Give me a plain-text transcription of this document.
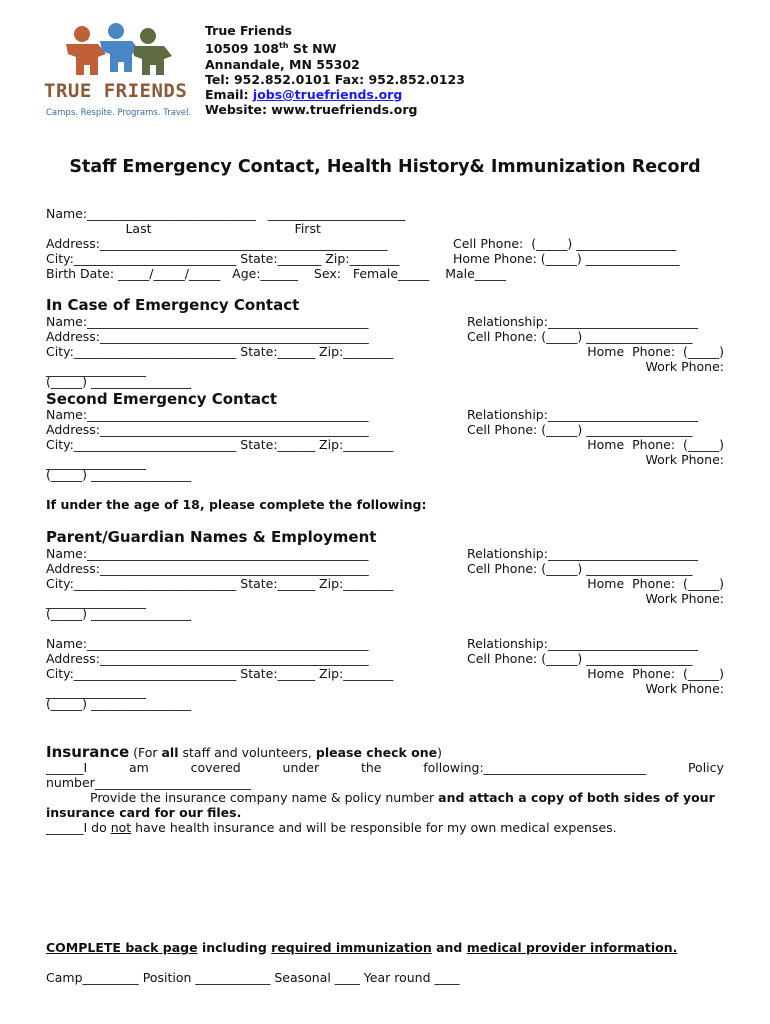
TRUE FRIENDS
Camps. Respite. Programs. Travel.
True Friends
10509 108th St NW
Annandale, MN 55302
Tel: 952.852.0101 Fax: 952.852.0123
Email: jobs@truefriends.org
Website: www.truefriends.org
Staff Emergency Contact, Health History& Immunization Record
Name:___________________________   ______________________
Last                                    First
Address:______________________________________________	Cell Phone:  (_____) ________________
City:__________________________ State:_______ Zip:________	Home Phone: (_____) _______________
Birth Date: _____/_____/_____   Age:______    Sex:   Female_____    Male_____
In Case of Emergency Contact
Name:_____________________________________________	Relationship:________________________
Address:___________________________________________	Cell Phone: (_____) _________________
City:__________________________ State:______ Zip:________	Home  Phone:  (_____)
Work Phone:
________________
(_____) ________________
Second Emergency Contact
Name:_____________________________________________	Relationship:________________________
Address:___________________________________________	Cell Phone: (_____) _________________
City:__________________________ State:______ Zip:________	Home  Phone:  (_____)
Work Phone:
________________
(_____) ________________
If under the age of 18, please complete the following:
Parent/Guardian Names & Employment
Name:_____________________________________________	Relationship:________________________
Address:___________________________________________	Cell Phone: (_____) _________________
City:__________________________ State:______ Zip:________	Home  Phone:  (_____)
Work Phone:
________________
(_____) ________________
Name:_____________________________________________	Relationship:________________________
Address:___________________________________________	Cell Phone: (_____) _________________
City:__________________________ State:______ Zip:________	Home  Phone:  (_____)
Work Phone:
________________
(_____) ________________
Insurance (For all staff and volunteers, please check one)
______I	am	covered	under	the	following:__________________________	Policy
number_________________________
Provide the insurance company name & policy number and attach a copy of both sides of your
insurance card for our files.
______I do not have health insurance and will be responsible for my own medical expenses.
COMPLETE back page including required immunization and medical provider information.
Camp_________ Position ____________ Seasonal ____ Year round ____
